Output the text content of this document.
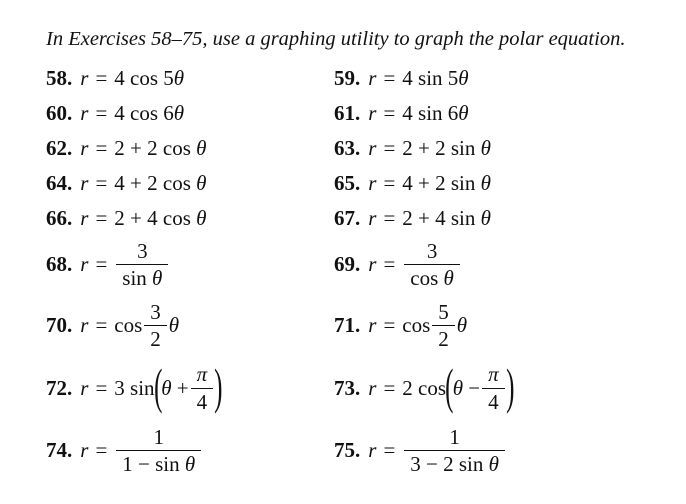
In Exercises 58–75, use a graphing utility to graph the polar equation.
58. r = 4 cos 5θ	59. r = 4 sin 5θ
60. r = 4 cos 6θ	61. r = 4 sin 6θ
62. r = 2 + 2 cos θ	63. r = 2 + 2 sin θ
64. r = 4 + 2 cos θ	65. r = 4 + 2 sin θ
66. r = 2 + 4 cos θ	67. r = 2 + 4 sin θ
68. $r = \frac{3}{\text{sin θ}}$	69. $r = \frac{3}{\text{cos θ}}$
70. $r = \cos \frac{3}{2}$ θ	71. $r = \cos \frac{5}{2}$ θ
72. r = 3 sin ( $\theta + \frac{\pi}{4}$ )	73. r = 2 cos ( $\theta - \frac{\pi}{4}$ )
74. $r = \frac{1}{\text{1 − sin θ}}$	75. $r = \frac{1}{\text{3 − 2 sin θ}}$
